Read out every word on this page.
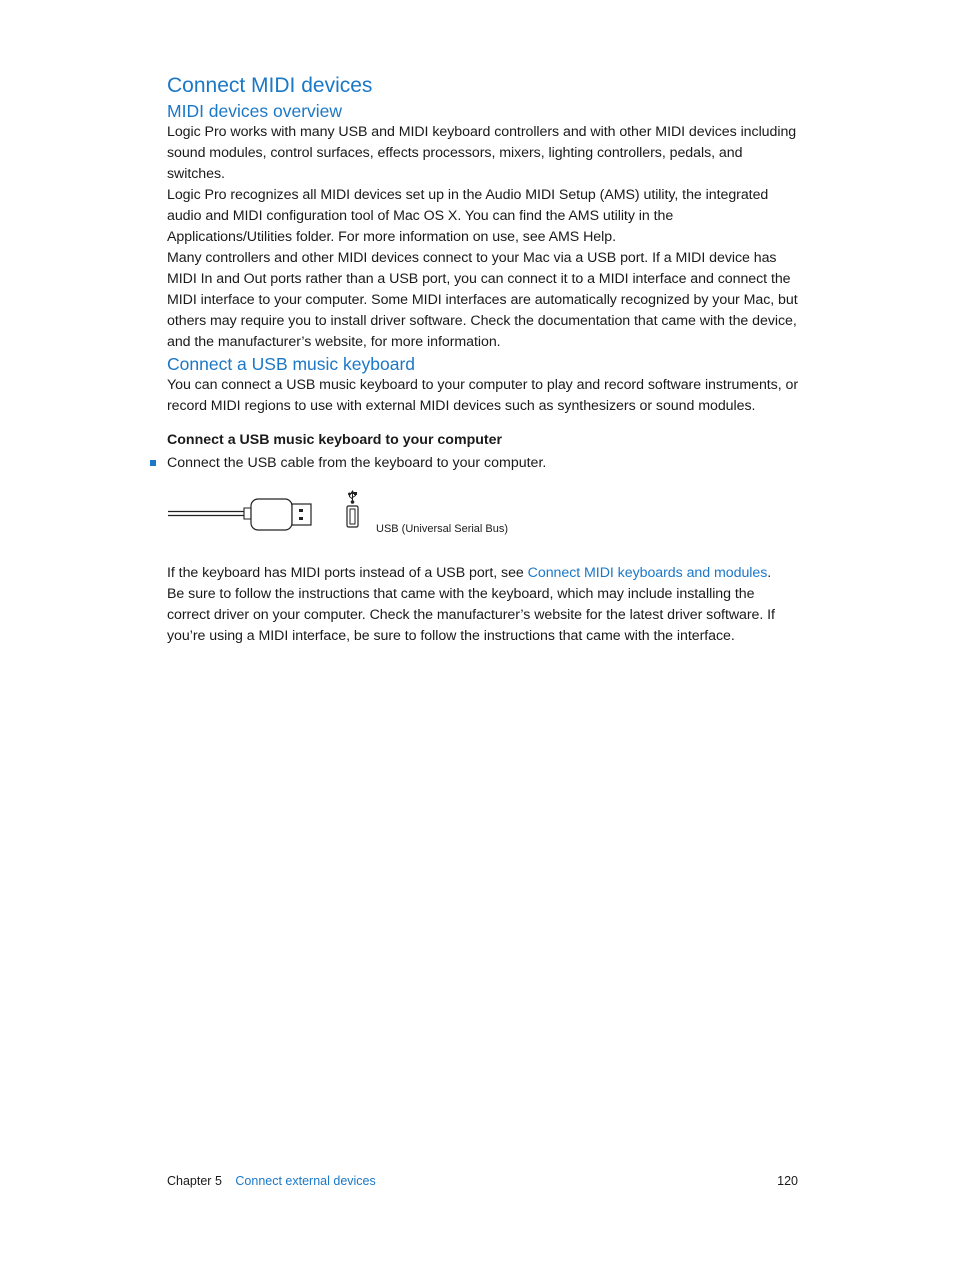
Connect MIDI devices
MIDI devices overview

Logic Pro works with many USB and MIDI keyboard controllers and with other MIDI devices including sound modules, control surfaces, effects processors, mixers, lighting controllers, pedals, and switches.

Logic Pro recognizes all MIDI devices set up in the Audio MIDI Setup (AMS) utility, the integrated audio and MIDI configuration tool of Mac OS X. You can find the AMS utility in the Applications/Utilities folder. For more information on use, see AMS Help.

Many controllers and other MIDI devices connect to your Mac via a USB port. If a MIDI device has MIDI In and Out ports rather than a USB port, you can connect it to a MIDI interface and connect the MIDI interface to your computer. Some MIDI interfaces are automatically recognized by your Mac, but others may require you to install driver software. Check the documentation that came with the device, and the manufacturer’s website, for more information.

Connect a USB music keyboard

You can connect a USB music keyboard to your computer to play and record software instruments, or record MIDI regions to use with external MIDI devices such as synthesizers or sound modules.

Connect a USB music keyboard to your computer
Connect the USB cable from the keyboard to your computer.
USB (Universal Serial Bus)

If the keyboard has MIDI ports instead of a USB port, see Connect MIDI keyboards and modules.

Be sure to follow the instructions that came with the keyboard, which may include installing the correct driver on your computer. Check the manufacturer’s website for the latest driver software. If you’re using a MIDI interface, be sure to follow the instructions that came with the interface.

Chapter 5 Connect external devices	120
